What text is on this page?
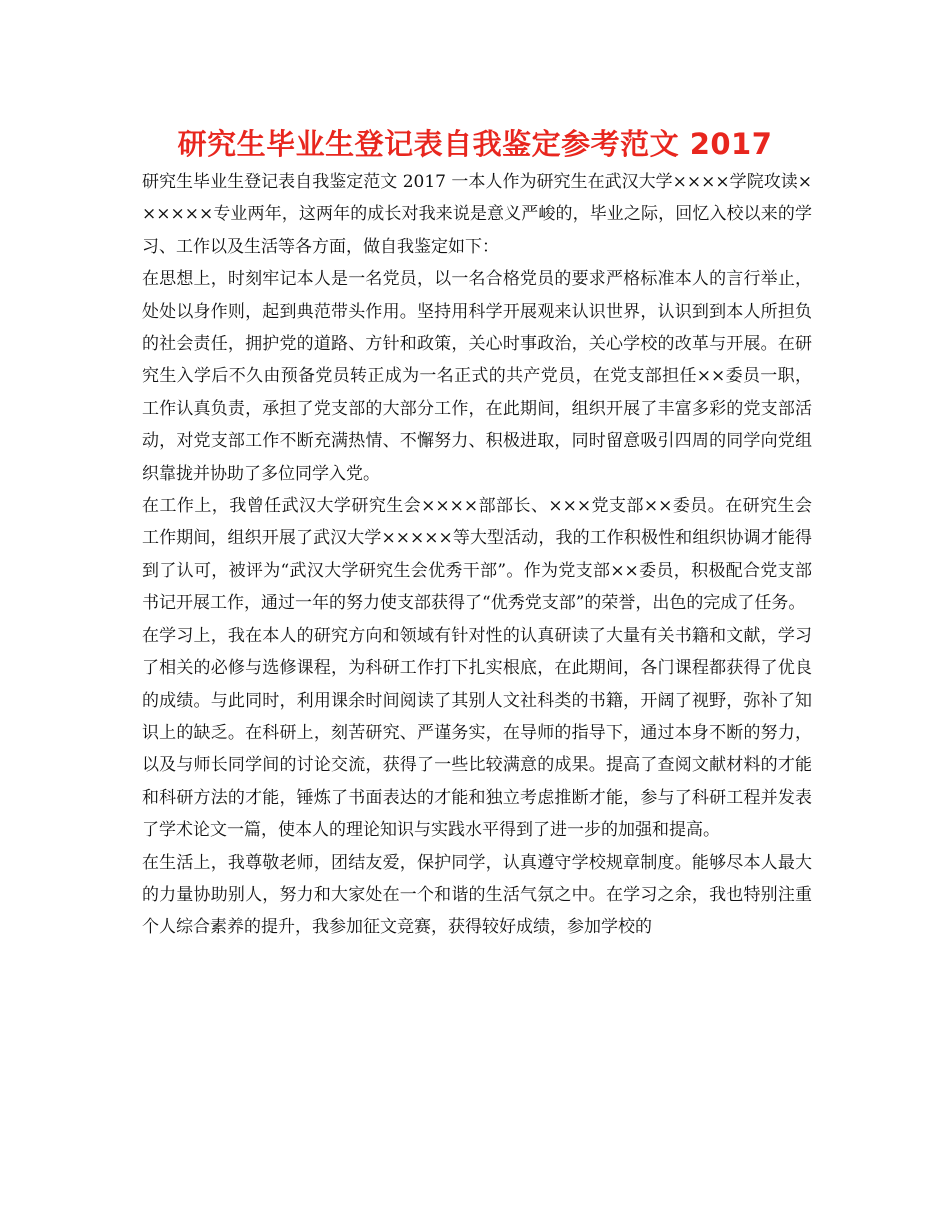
研究生毕业生登记表自我鉴定参考范文 2017

研究生毕业生登记表自我鉴定范文 2017 一本人作为研究生在武汉大学××××学院攻读××××××专业两年，这两年的成长对我来说是意义严峻的，毕业之际，回忆入校以来的学习、工作以及生活等各方面，做自我鉴定如下：

在思想上，时刻牢记本人是一名党员，以一名合格党员的要求严格标准本人的言行举止，处处以身作则，起到典范带头作用。坚持用科学开展观来认识世界，认识到到本人所担负的社会责任，拥护党的道路、方针和政策，关心时事政治，关心学校的改革与开展。在研究生入学后不久由预备党员转正成为一名正式的共产党员，在党支部担任××委员一职，工作认真负责，承担了党支部的大部分工作，在此期间，组织开展了丰富多彩的党支部活动，对党支部工作不断充满热情、不懈努力、积极进取，同时留意吸引四周的同学向党组织靠拢并协助了多位同学入党。

在工作上，我曾任武汉大学研究生会××××部部长、×××党支部××委员。在研究生会工作期间，组织开展了武汉大学×××××等大型活动，我的工作积极性和组织协调才能得到了认可，被评为“武汉大学研究生会优秀干部”。作为党支部××委员，积极配合党支部书记开展工作，通过一年的努力使支部获得了“优秀党支部”的荣誉，出色的完成了任务。

在学习上，我在本人的研究方向和领域有针对性的认真研读了大量有关书籍和文献，学习了相关的必修与选修课程，为科研工作打下扎实根底，在此期间，各门课程都获得了优良的成绩。与此同时，利用课余时间阅读了其别人文社科类的书籍，开阔了视野，弥补了知识上的缺乏。在科研上，刻苦研究、严谨务实，在导师的指导下，通过本身不断的努力，以及与师长同学间的讨论交流，获得了一些比较满意的成果。提高了查阅文献材料的才能和科研方法的才能，锤炼了书面表达的才能和独立考虑推断才能，参与了科研工程并发表了学术论文一篇，使本人的理论知识与实践水平得到了进一步的加强和提高。

在生活上，我尊敬老师，团结友爱，保护同学，认真遵守学校规章制度。能够尽本人最大的力量协助别人，努力和大家处在一个和谐的生活气氛之中。在学习之余，我也特别注重个人综合素养的提升，我参加征文竞赛，获得较好成绩，参加学校的
